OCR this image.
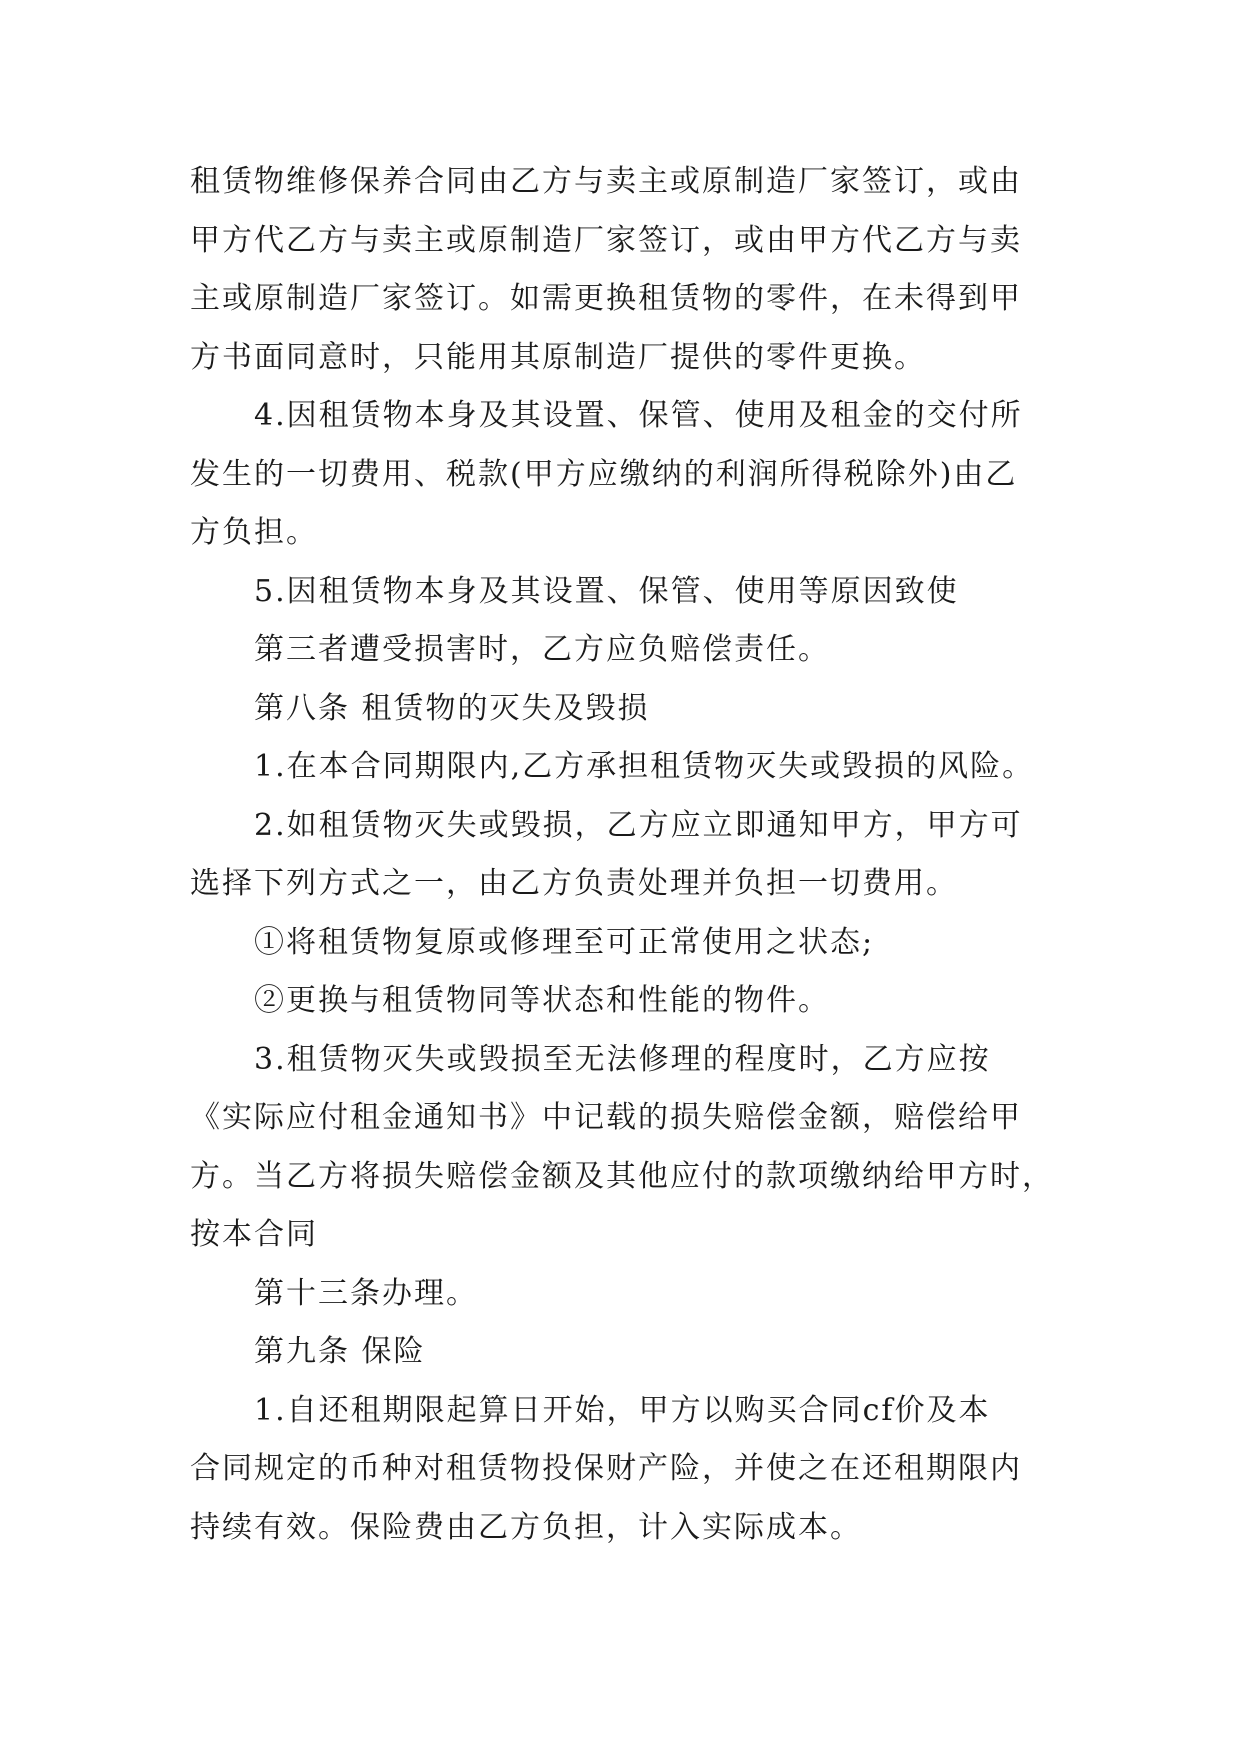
租赁物维修保养合同由乙方与卖主或原制造厂家签订，或由
甲方代乙方与卖主或原制造厂家签订，或由甲方代乙方与卖
主或原制造厂家签订。如需更换租赁物的零件，在未得到甲
方书面同意时，只能用其原制造厂提供的零件更换。
4.因租赁物本身及其设置、保管、使用及租金的交付所
发生的一切费用、税款(甲方应缴纳的利润所得税除外)由乙
方负担。
5.因租赁物本身及其设置、保管、使用等原因致使
第三者遭受损害时，乙方应负赔偿责任。
第八条 租赁物的灭失及毁损
1.在本合同期限内,乙方承担租赁物灭失或毁损的风险。
2.如租赁物灭失或毁损，乙方应立即通知甲方，甲方可
选择下列方式之一，由乙方负责处理并负担一切费用。
①将租赁物复原或修理至可正常使用之状态;
②更换与租赁物同等状态和性能的物件。
3.租赁物灭失或毁损至无法修理的程度时，乙方应按
《实际应付租金通知书》中记载的损失赔偿金额，赔偿给甲
方。当乙方将损失赔偿金额及其他应付的款项缴纳给甲方时，
按本合同
第十三条办理。
第九条 保险
1.自还租期限起算日开始，甲方以购买合同cf价及本
合同规定的币种对租赁物投保财产险，并使之在还租期限内
持续有效。保险费由乙方负担，计入实际成本。
